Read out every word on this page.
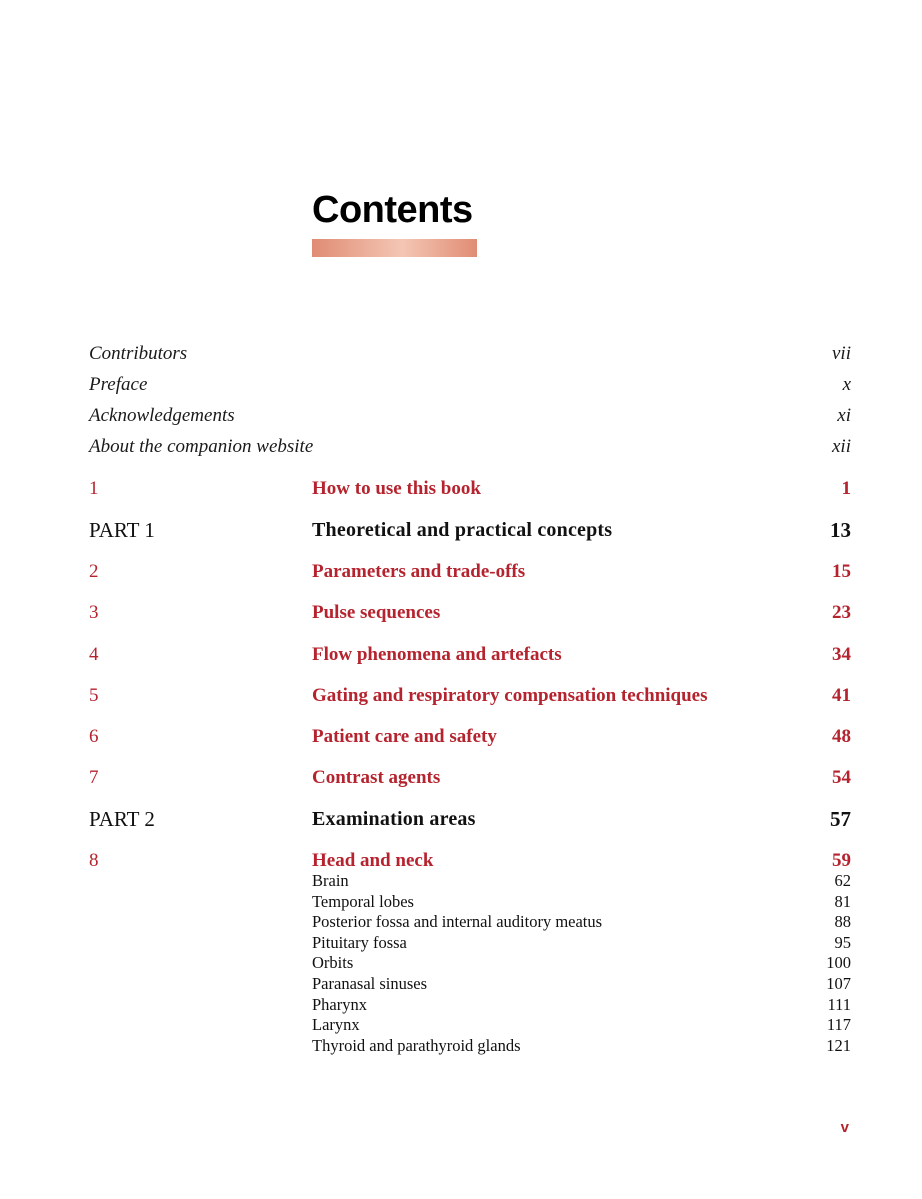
Contents
Contributors	vii
Preface	x
Acknowledgements	xi
About the companion website	xii
1	How to use this book	1
PART 1	Theoretical and practical concepts	13
2	Parameters and trade-offs	15
3	Pulse sequences	23
4	Flow phenomena and artefacts	34
5	Gating and respiratory compensation techniques	41
6	Patient care and safety	48
7	Contrast agents	54
PART 2	Examination areas	57
8	Head and neck	59
Brain	62
Temporal lobes	81
Posterior fossa and internal auditory meatus	88
Pituitary fossa	95
Orbits	100
Paranasal sinuses	107
Pharynx	111
Larynx	117
Thyroid and parathyroid glands	121
v
